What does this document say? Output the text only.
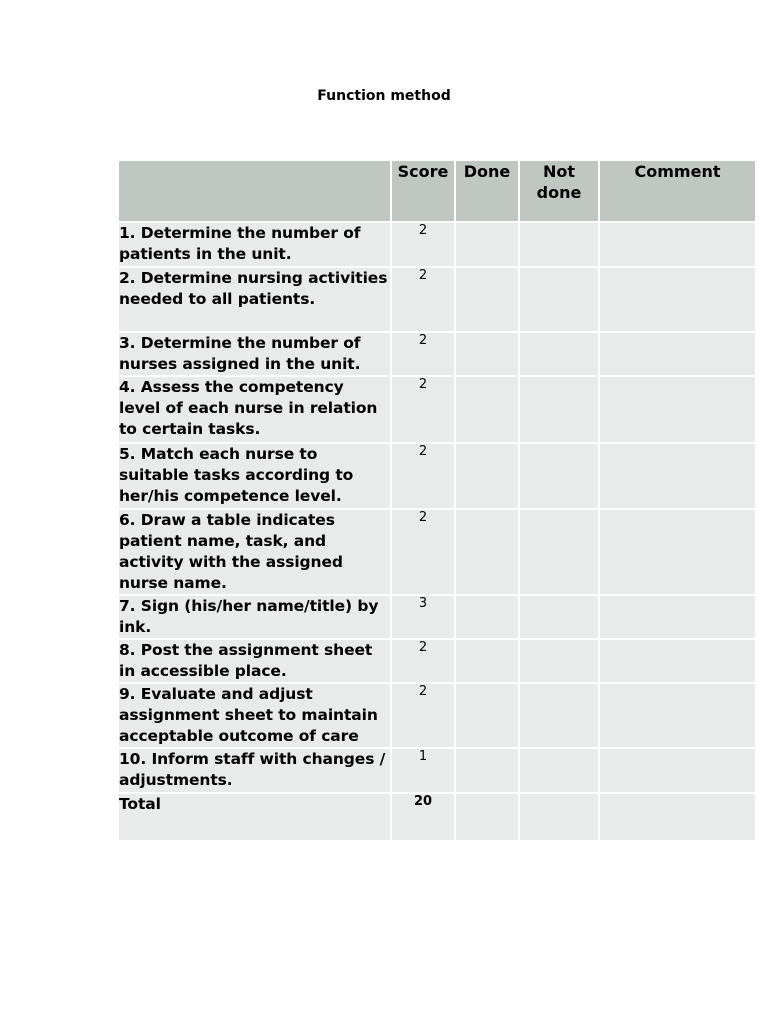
Function method
	Score	Done	Not done	Comment
1. Determine the number of patients in the unit.	2			
2. Determine nursing activities needed to all patients.	2			
3. Determine the number of nurses assigned in the unit.	2			
4. Assess the competency level of each nurse in relation to certain tasks.	2			
5. Match each nurse to suitable tasks according to her/his competence level.	2			
6. Draw a table indicates patient name, task, and activity with the assigned nurse name.	2			
7. Sign (his/her name/title) by ink.	3			
8. Post the assignment sheet in accessible place.	2			
9. Evaluate and adjust assignment sheet to maintain acceptable outcome of care	2			
10. Inform staff with changes / adjustments.	1			
Total	20			
